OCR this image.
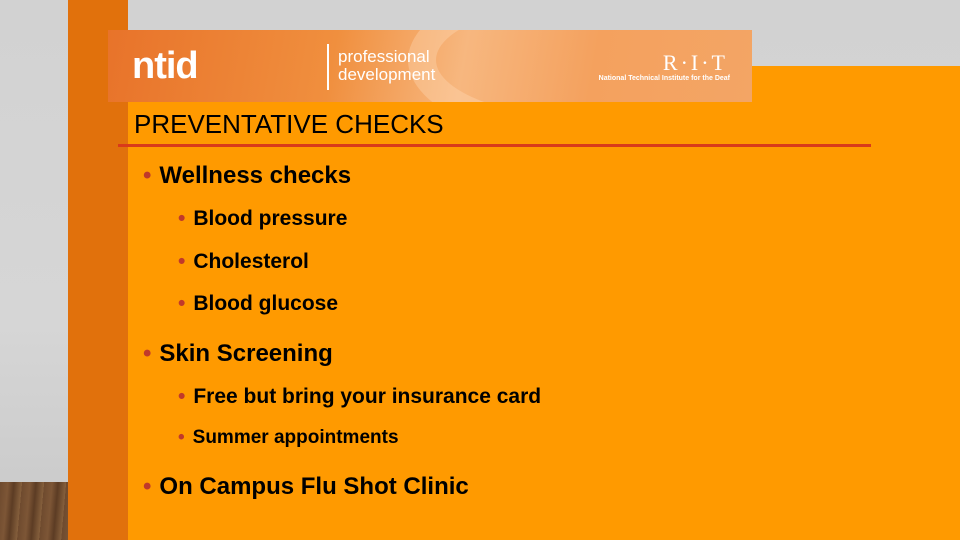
ntid	professional
development	R·I·T
National Technical Institute for the Deaf
PREVENTATIVE CHECKS
• Wellness checks
• Blood pressure
• Cholesterol
• Blood glucose
• Skin Screening
• Free but bring your insurance card
• Summer appointments
• On Campus Flu Shot Clinic
